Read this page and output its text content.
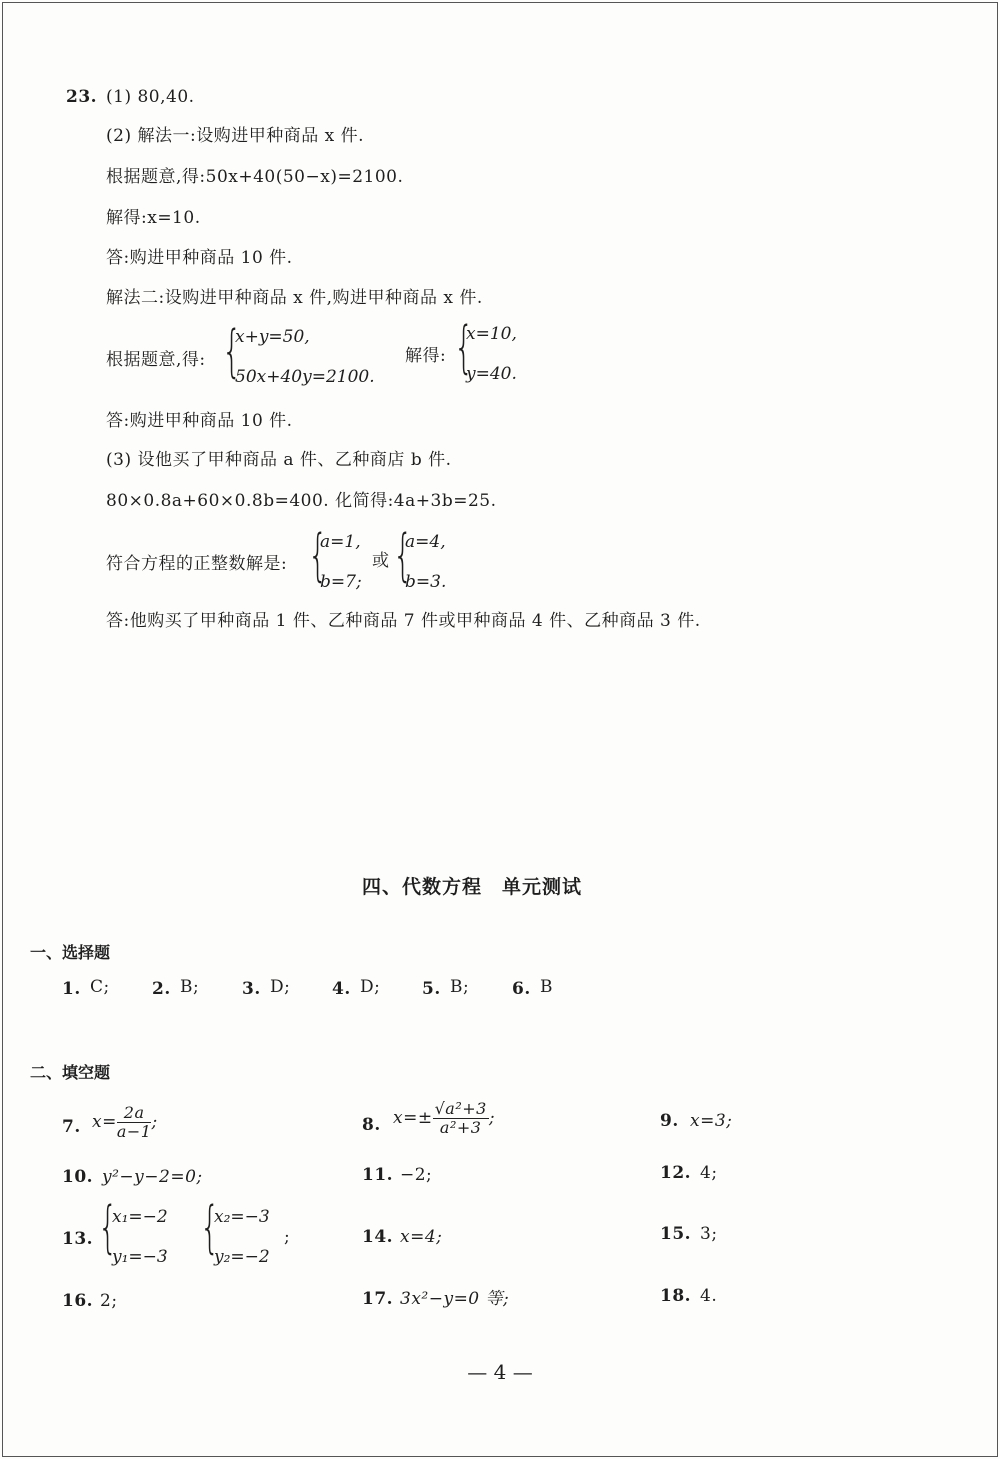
23. (1) 80,40.
(2) 解法一:设购进甲种商品 x 件.
根据题意,得:50x+40(50−x)=2100.
解得:x=10.
答:购进甲种商品 10 件.
解法二:设购进甲种商品 x 件,购进甲种商品 x 件.
根据题意,得: {
x+y=50,
50x+40y=2100.
解得: {
x=10,
y=40.
答:购进甲种商品 10 件.
(3) 设他买了甲种商品 a 件、乙种商店 b 件.
80×0.8a+60×0.8b=400. 化简得:4a+3b=25.
符合方程的正整数解是: {
a=1,
b=7;
或 {
a=4,
b=3.
答:他购买了甲种商品 1 件、乙种商品 7 件或甲种商品 4 件、乙种商品 3 件.
四、代数方程　单元测试
一、选择题
1. C; 2. B;	3. D; 4. D; 5. B;	6. B
二、填空题
7. $x= \frac{2a}{a-1}$ ;	8. $x=\pm \frac{\text{√a²+3}}{\text{a²+3}}$ ;	9. x=3;
10. y²−y−2=0;	11. −2;	12. 4;
13. {
x₁=−2
y₁=−3 {
x₂=−3
y₂=−2
;	14. x=4;	15. 3;
16. 2;	17. 3x²−y=0 等;	18. 4.
— 4 —
